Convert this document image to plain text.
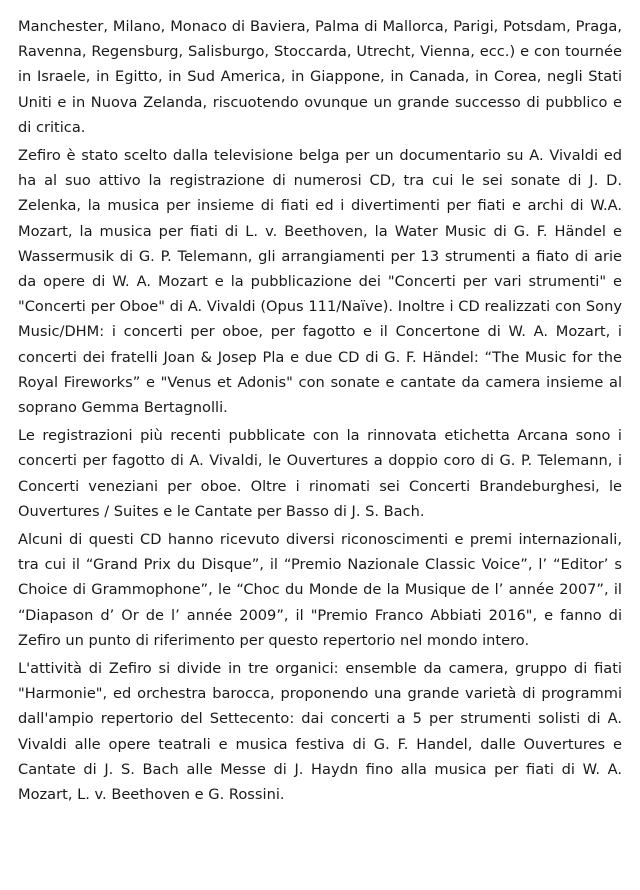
Manchester, Milano, Monaco di Baviera, Palma di Mallorca, Parigi, Potsdam, Praga, Ravenna, Regensburg, Salisburgo, Stoccarda, Utrecht, Vienna, ecc.) e con tournée in Israele, in Egitto, in Sud America, in Giappone, in Canada, in Corea, negli Stati Uniti e in Nuova Zelanda, riscuotendo ovunque un grande successo di pubblico e di critica.

Zefiro è stato scelto dalla televisione belga per un documentario su A. Vivaldi ed ha al suo attivo la registrazione di numerosi CD, tra cui le sei sonate di J. D. Zelenka, la musica per insieme di fiati ed i divertimenti per fiati e archi di W.A. Mozart, la musica per fiati di L. v. Beethoven, la Water Music di G. F. Händel e Wassermusik di G. P. Telemann, gli arrangiamenti per 13 strumenti a fiato di arie da opere di W. A. Mozart e la pubblicazione dei "Concerti per vari strumenti" e "Concerti per Oboe" di A. Vivaldi (Opus 111/Naïve). Inoltre i CD realizzati con Sony Music/DHM: i concerti per oboe, per fagotto e il Concertone di W. A. Mozart, i concerti dei fratelli Joan & Josep Pla e due CD di G. F. Händel: “The Music for the Royal Fireworks” e "Venus et Adonis" con sonate e cantate da camera insieme al soprano Gemma Bertagnolli.

Le registrazioni più recenti pubblicate con la rinnovata etichetta Arcana sono i concerti per fagotto di A. Vivaldi, le Ouvertures a doppio coro di G. P. Telemann, i Concerti veneziani per oboe. Oltre i rinomati sei Concerti Brandeburghesi, le Ouvertures / Suites e le Cantate per Basso di J. S. Bach.

Alcuni di questi CD hanno ricevuto diversi riconoscimenti e premi internazionali, tra cui il “Grand Prix du Disque”, il “Premio Nazionale Classic Voice”, l’ “Editor’ s Choice di Grammophone”, le “Choc du Monde de la Musique de l’ année 2007”, il “Diapason d’ Or de l’ année 2009”, il "Premio Franco Abbiati 2016", e fanno di Zefiro un punto di riferimento per questo repertorio nel mondo intero.

L'attività di Zefiro si divide in tre organici: ensemble da camera, gruppo di fiati "Harmonie", ed orchestra barocca, proponendo una grande varietà di programmi dall'ampio repertorio del Settecento: dai concerti a 5 per strumenti solisti di A. Vivaldi alle opere teatrali e musica festiva di G. F. Handel, dalle Ouvertures e Cantate di J. S. Bach alle Messe di J. Haydn fino alla musica per fiati di W. A. Mozart, L. v. Beethoven e G. Rossini.
